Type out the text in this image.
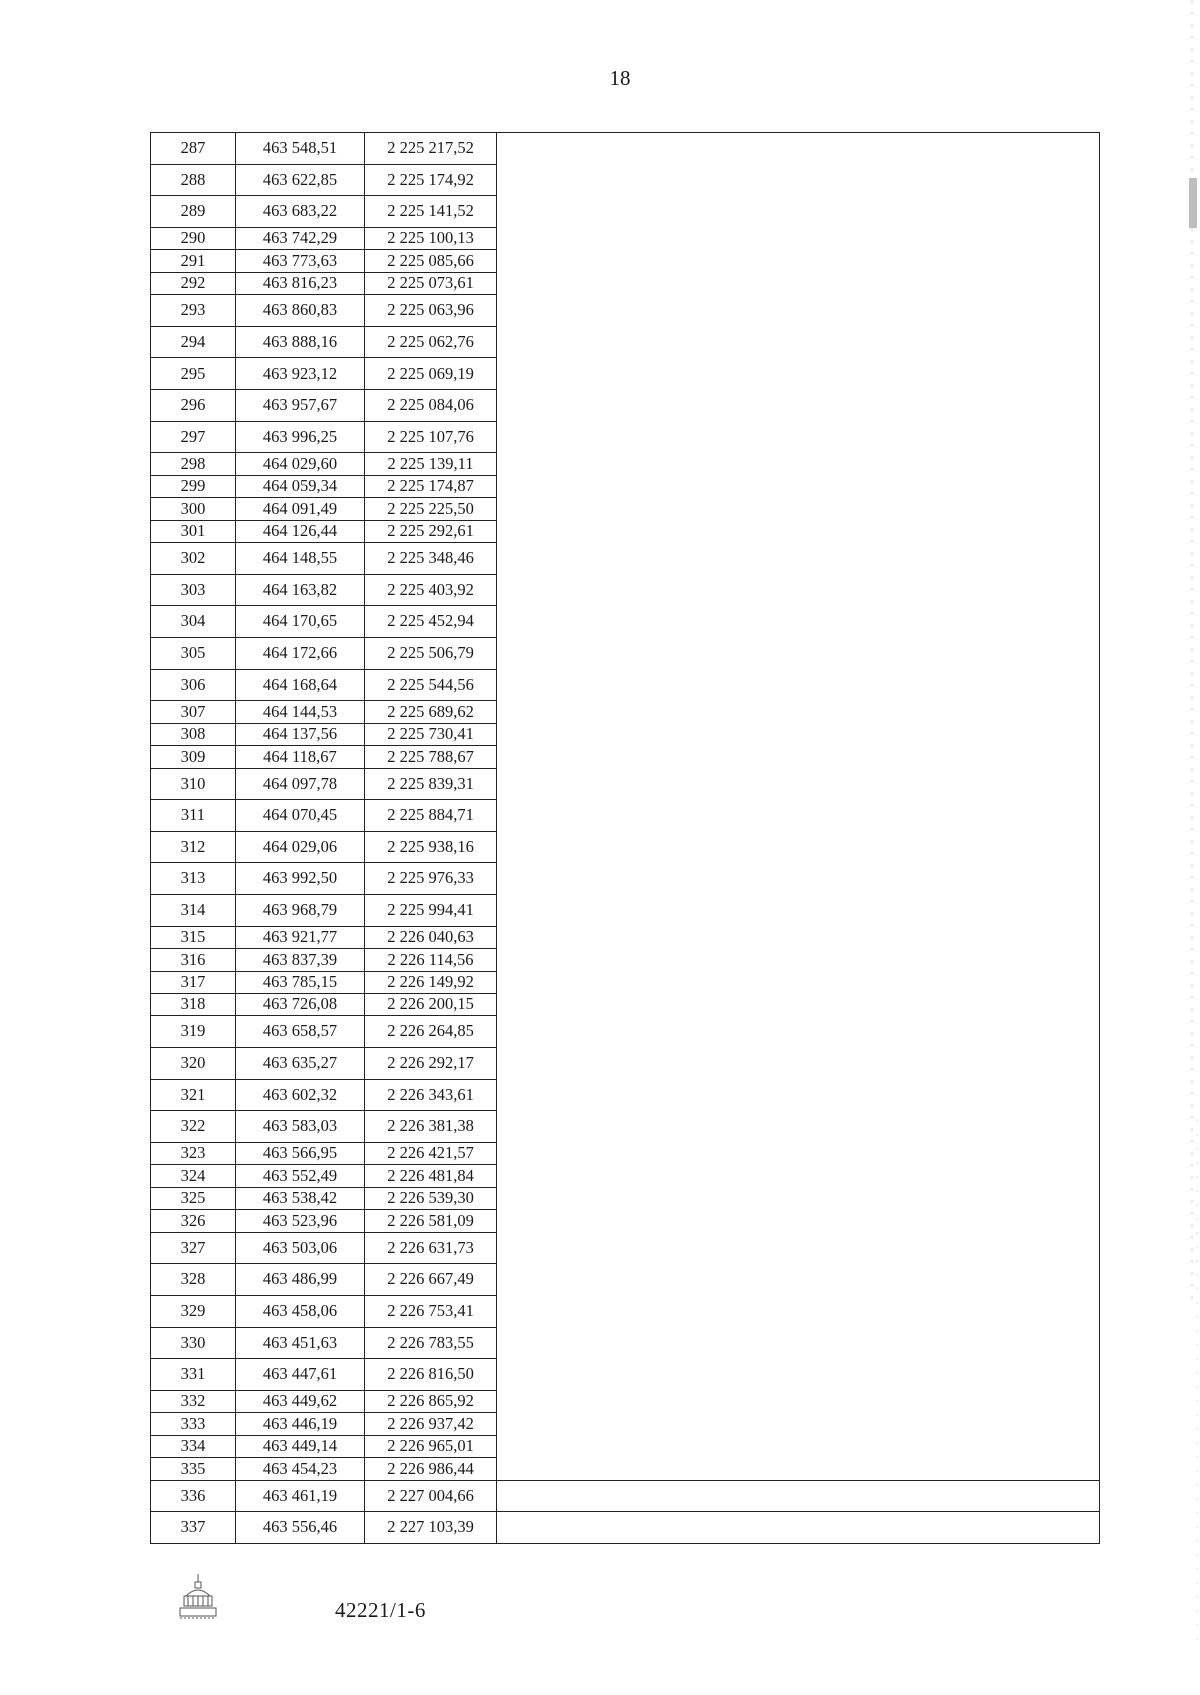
18
287	463 548,51	2 225 217,52	
288	463 622,85	2 225 174,92	
289	463 683,22	2 225 141,52	
290	463 742,29	2 225 100,13	
291	463 773,63	2 225 085,66	
292	463 816,23	2 225 073,61	
293	463 860,83	2 225 063,96	
294	463 888,16	2 225 062,76	
295	463 923,12	2 225 069,19	
296	463 957,67	2 225 084,06	
297	463 996,25	2 225 107,76	
298	464 029,60	2 225 139,11	
299	464 059,34	2 225 174,87	
300	464 091,49	2 225 225,50	
301	464 126,44	2 225 292,61	
302	464 148,55	2 225 348,46	
303	464 163,82	2 225 403,92	
304	464 170,65	2 225 452,94	
305	464 172,66	2 225 506,79	
306	464 168,64	2 225 544,56	
307	464 144,53	2 225 689,62	
308	464 137,56	2 225 730,41	
309	464 118,67	2 225 788,67	
310	464 097,78	2 225 839,31	
311	464 070,45	2 225 884,71	
312	464 029,06	2 225 938,16	
313	463 992,50	2 225 976,33	
314	463 968,79	2 225 994,41	
315	463 921,77	2 226 040,63	
316	463 837,39	2 226 114,56	
317	463 785,15	2 226 149,92	
318	463 726,08	2 226 200,15	
319	463 658,57	2 226 264,85	
320	463 635,27	2 226 292,17	
321	463 602,32	2 226 343,61	
322	463 583,03	2 226 381,38	
323	463 566,95	2 226 421,57	
324	463 552,49	2 226 481,84	
325	463 538,42	2 226 539,30	
326	463 523,96	2 226 581,09	
327	463 503,06	2 226 631,73	
328	463 486,99	2 226 667,49	
329	463 458,06	2 226 753,41	
330	463 451,63	2 226 783,55	
331	463 447,61	2 226 816,50	
332	463 449,62	2 226 865,92	
333	463 446,19	2 226 937,42	
334	463 449,14	2 226 965,01	
335	463 454,23	2 226 986,44	
336	463 461,19	2 227 004,66	
337	463 556,46	2 227 103,39	
42221/1-6
